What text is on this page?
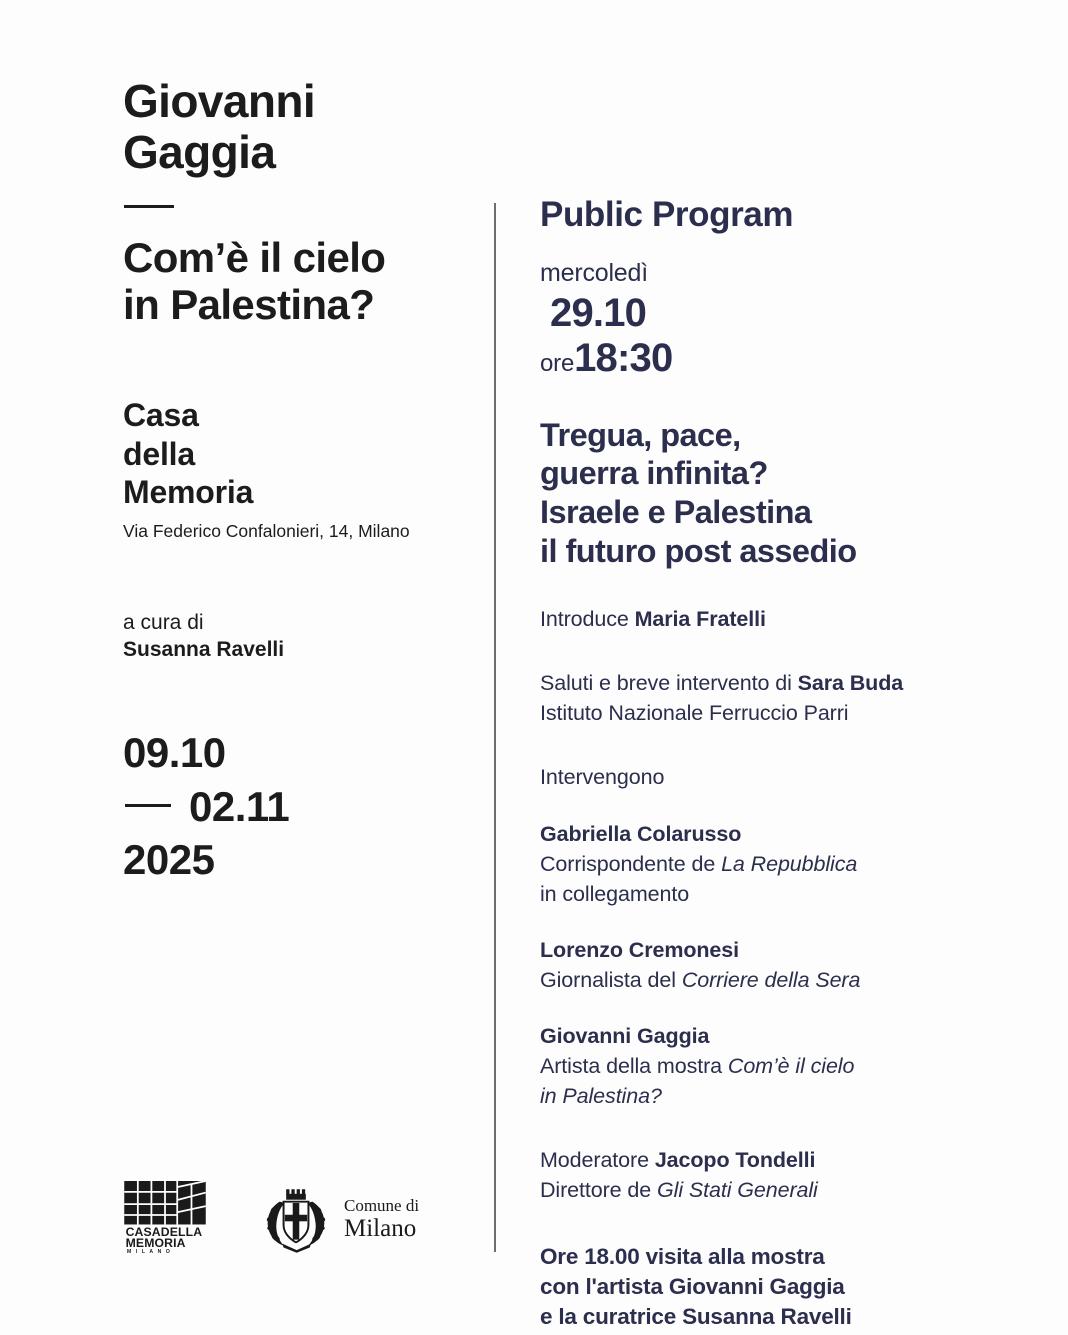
Giovanni
Gaggia
Com’è il cielo
in Palestina?
Casa
della
Memoria
Via Federico Confalonieri, 14, Milano
a cura di
Susanna Ravelli
09.10
02.11
2025
CASADELLA
MEMORIA
M I L A N O
Comune di
Milano
Public Program
mercoledì
29.10
ore18:30
Tregua, pace,
guerra infinita?
Israele e Palestina
il futuro post assedio
Introduce Maria Fratelli
Saluti e breve intervento di Sara Buda
Istituto Nazionale Ferruccio Parri
Intervengono
Gabriella Colarusso
Corrispondente de La Repubblica
in collegamento
Lorenzo Cremonesi
Giornalista del Corriere della Sera
Giovanni Gaggia
Artista della mostra Com’è il cielo
in Palestina?
Moderatore Jacopo Tondelli
Direttore de Gli Stati Generali
Ore 18.00 visita alla mostra
con l'artista Giovanni Gaggia
e la curatrice Susanna Ravelli
